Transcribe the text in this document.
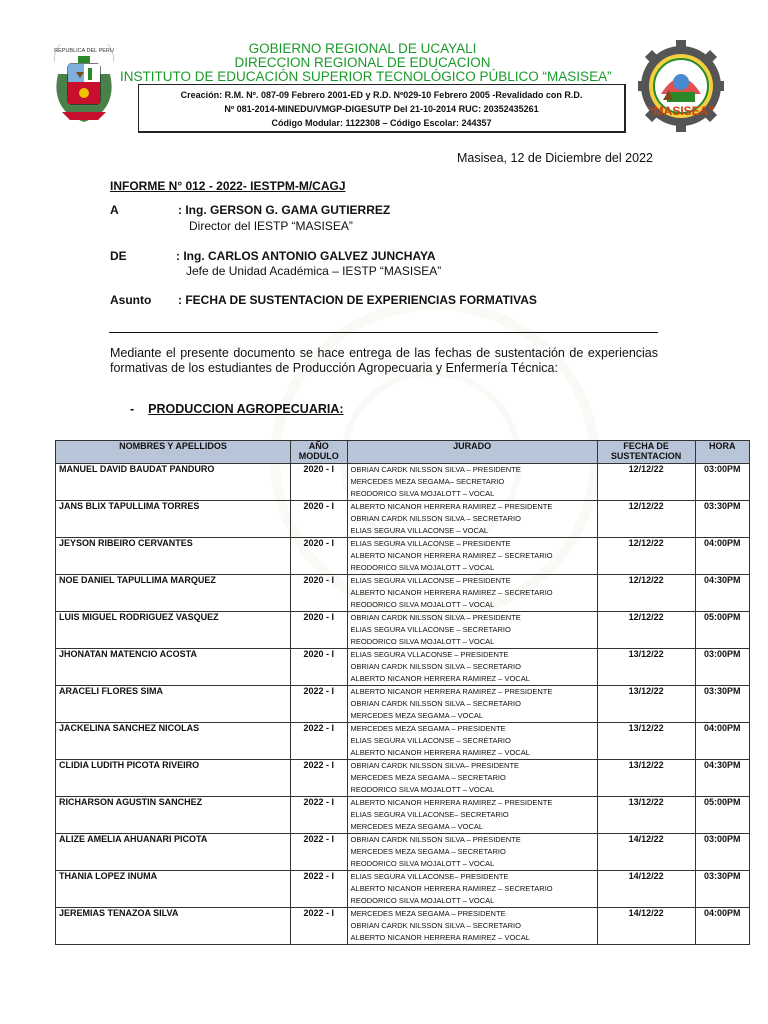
REPUBLICA DEL PERU	GOBIERNO REGIONAL DE UCAYALI
DIRECCION REGIONAL DE EDUCACION
INSTITUTO DE EDUCACIÓN SUPERIOR TECNOLÓGICO PÚBLICO “MASISEA”
“MASISEA”
Creación: R.M. Nº. 087-09 Febrero 2001-ED y R.D. Nº029-10 Febrero 2005 -Revalidado con R.D.
Nº 081-2014-MINEDU/VMGP-DIGESUTP Del 21-10-2014 RUC: 20352435261
Código Modular: 1122308 – Código Escolar: 244357
Masisea, 12 de Diciembre del 2022
INFORME N° 012 - 2022- IESTPM-M/CAGJ
A	: Ing. GERSON G. GAMA GUTIERREZ
Director del IESTP “MASISEA”
DE	: Ing. CARLOS ANTONIO GALVEZ JUNCHAYA
Jefe de Unidad Académica – IESTP “MASISEA”
Asunto : FECHA DE SUSTENTACION DE EXPERIENCIAS FORMATIVAS
Mediante el presente documento se hace entrega de las fechas de sustentación de experiencias formativas de los estudiantes de Producción Agropecuaria y Enfermería Técnica:
- PRODUCCION AGROPECUARIA:
NOMBRES Y APELLIDOS	AÑO MODULO	JURADO	FECHA DE SUSTENTACION	HORA
MANUEL DAVID BAUDAT PANDURO	2020 - I	OBRIAN CARDK NILSSON SILVA – PRESIDENTE
MERCEDES MEZA SEGAMA– SECRETARIO
REODORICO SILVA MOJALOTT – VOCAL	12/12/22	03:00PM
JANS BLIX TAPULLIMA TORRES	2020 - I	ALBERTO NICANOR HERRERA RAMIREZ – PRESIDENTE
OBRIAN CARDK NILSSON SILVA – SECRETARIO
ELIAS SEGURA VILLACONSE – VOCAL	12/12/22	03:30PM
JEYSON RIBEIRO CERVANTES	2020 - I	ELIAS SEGURA VILLACONSE – PRESIDENTE
ALBERTO NICANOR HERRERA RAMIREZ – SECRETARIO
REODORICO SILVA MOJALOTT – VOCAL	12/12/22	04:00PM
NOE DANIEL TAPULLIMA MARQUEZ	2020 - I	ELIAS SEGURA VILLACONSE – PRESIDENTE
ALBERTO NICANOR HERRERA RAMIREZ – SECRETARIO
REODORICO SILVA MOJALOTT – VOCAL	12/12/22	04:30PM
LUIS MIGUEL RODRIGUEZ VASQUEZ	2020 - I	OBRIAN CARDK NILSSON SILVA – PRESIDENTE
ELIAS SEGURA VILLACONSE – SECRETARIO
REODORICO SILVA MOJALOTT – VOCAL	12/12/22	05:00PM
JHONATAN MATENCIO ACOSTA	2020 - I	ELIAS SEGURA VLLACONSE – PRESIDENTE
OBRIAN CARDK NILSSON SILVA – SECRETARIO
ALBERTO NICANOR HERRERA RAMIREZ – VOCAL	13/12/22	03:00PM
ARACELI FLORES SIMA	2022 - I	ALBERTO NICANOR HERRERA RAMIREZ – PRESIDENTE
OBRIAN CARDK NILSSON SILVA – SECRETARIO
MERCEDES MEZA SEGAMA – VOCAL	13/12/22	03:30PM
JACKELINA SANCHEZ NICOLAS	2022 - I	MERCEDES MEZA SEGAMA – PRESIDENTE
ELIAS SEGURA VILLACONSE – SECRETARIO
ALBERTO NICANOR HERRERA RAMIREZ – VOCAL	13/12/22	04:00PM
CLIDIA LUDITH PICOTA RIVEIRO	2022 - I	OBRIAN CARDK NILSSON SILVA– PRESIDENTE
MERCEDES MEZA SEGAMA – SECRETARIO
REODORICO SILVA MOJALOTT – VOCAL	13/12/22	04:30PM
RICHARSON AGUSTIN SANCHEZ	2022 - I	ALBERTO NICANOR HERRERA RAMIREZ – PRESIDENTE
ELIAS SEGURA VILLACONSE– SECRETARIO
MERCEDES MEZA SEGAMA – VOCAL	13/12/22	05:00PM
ALIZE AMELIA AHUANARI PICOTA	2022 - I	OBRIAN CARDK NILSSON SILVA – PRESIDENTE
MERCEDES MEZA SEGAMA – SECRETARIO
REODORICO SILVA MOJALOTT – VOCAL	14/12/22	03:00PM
THANIA LOPEZ INUMA	2022 - I	ELIAS SEGURA VILLACONSE– PRESIDENTE
ALBERTO NICANOR HERRERA RAMIREZ – SECRETARIO
REODORICO SILVA MOJALOTT – VOCAL	14/12/22	03:30PM
JEREMIAS TENAZOA SILVA	2022 - I	MERCEDES MEZA SEGAMA – PRESIDENTE
OBRIAN CARDK NILSSON SILVA – SECRETARIO
ALBERTO NICANOR HERRERA RAMIREZ – VOCAL	14/12/22	04:00PM
